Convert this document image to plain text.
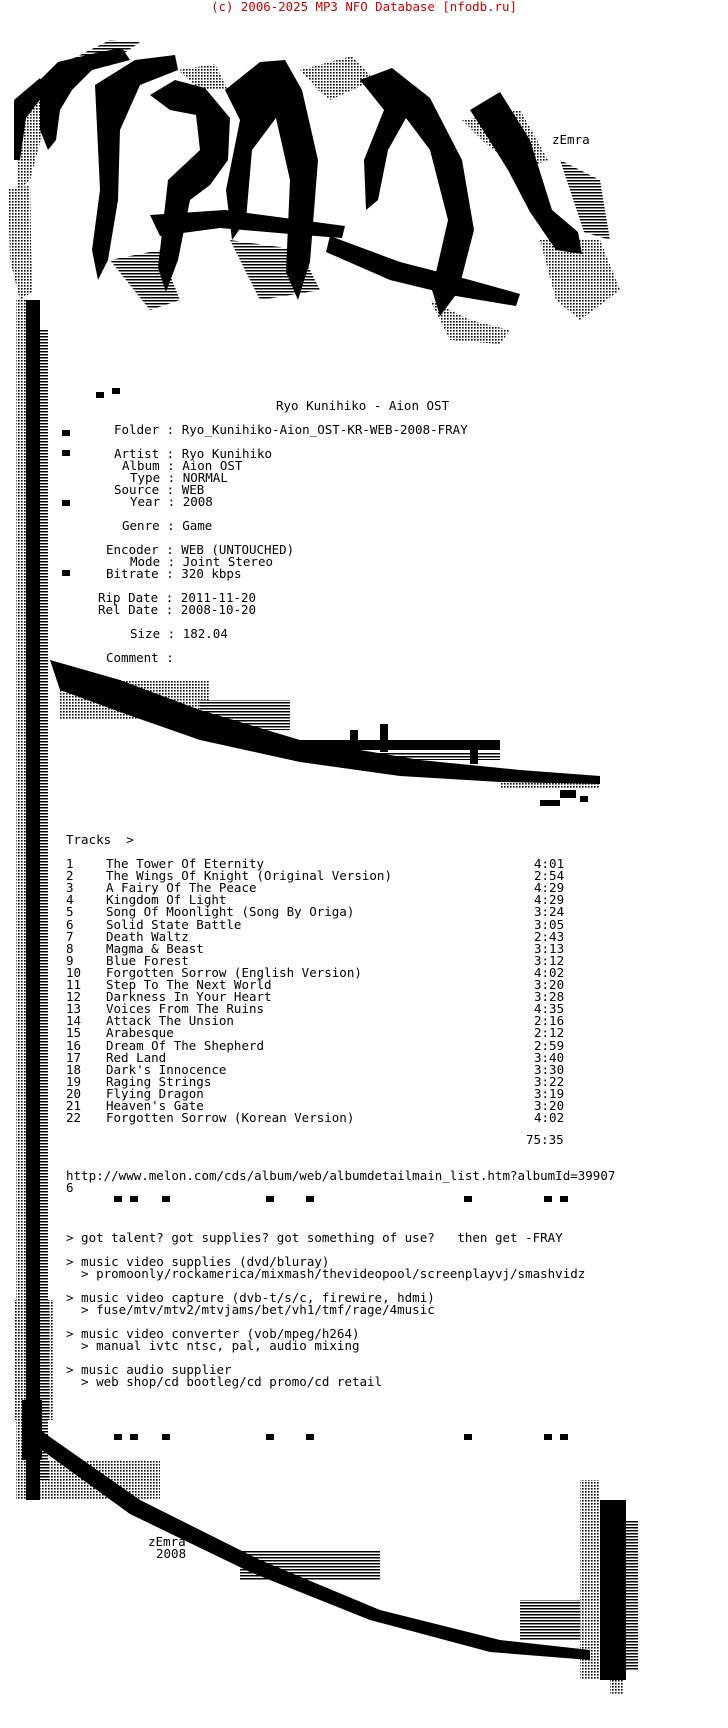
(c) 2006-2025 MP3 NFO Database [nfodb.ru]
zEmra
zEmra
2008
Ryo Kunihiko - Aion OST
Folder : Ryo_Kunihiko-Aion_OST-KR-WEB-2008-FRAY
Artist : Ryo Kunihiko
Album : Aion OST
Type : NORMAL
Source : WEB
Year : 2008
Genre : Game
Encoder : WEB (UNTOUCHED)
Mode : Joint Stereo
Bitrate : 320 kbps
Rip Date : 2011-11-20
Rel Date : 2008-10-20
Size : 182.04
Comment :
Tracks  >
1	The Tower Of Eternity	4:01
2	The Wings Of Knight (Original Version)	2:54
3	A Fairy Of The Peace	4:29
4	Kingdom Of Light	4:29
5	Song Of Moonlight (Song By Origa)	3:24
6	Solid State Battle	3:05
7	Death Waltz	2:43
8	Magma & Beast	3:13
9	Blue Forest	3:12
10 Forgotten Sorrow (English Version)	4:02
11 Step To The Next World	3:20
12 Darkness In Your Heart	3:28
13 Voices From The Ruins	4:35
14 Attack The Unsion	2:16
15 Arabesque	2:12
16 Dream Of The Shepherd	2:59
17 Red Land	3:40
18 Dark's Innocence	3:30
19 Raging Strings	3:22
20 Flying Dragon	3:19
21 Heaven's Gate	3:20
22 Forgotten Sorrow (Korean Version)	4:02
75:35
http://www.melon.com/cds/album/web/albumdetailmain_list.htm?albumId=39907
6
> got talent? got supplies? got something of use?   then get -FRAY
> music video supplies (dvd/bluray)
> promoonly/rockamerica/mixmash/thevideopool/screenplayvj/smashvidz
> music video capture (dvb-t/s/c, firewire, hdmi)
> fuse/mtv/mtv2/mtvjams/bet/vh1/tmf/rage/4music
> music video converter (vob/mpeg/h264)
> manual ivtc ntsc, pal, audio mixing
> music audio supplier
> web shop/cd bootleg/cd promo/cd retail
